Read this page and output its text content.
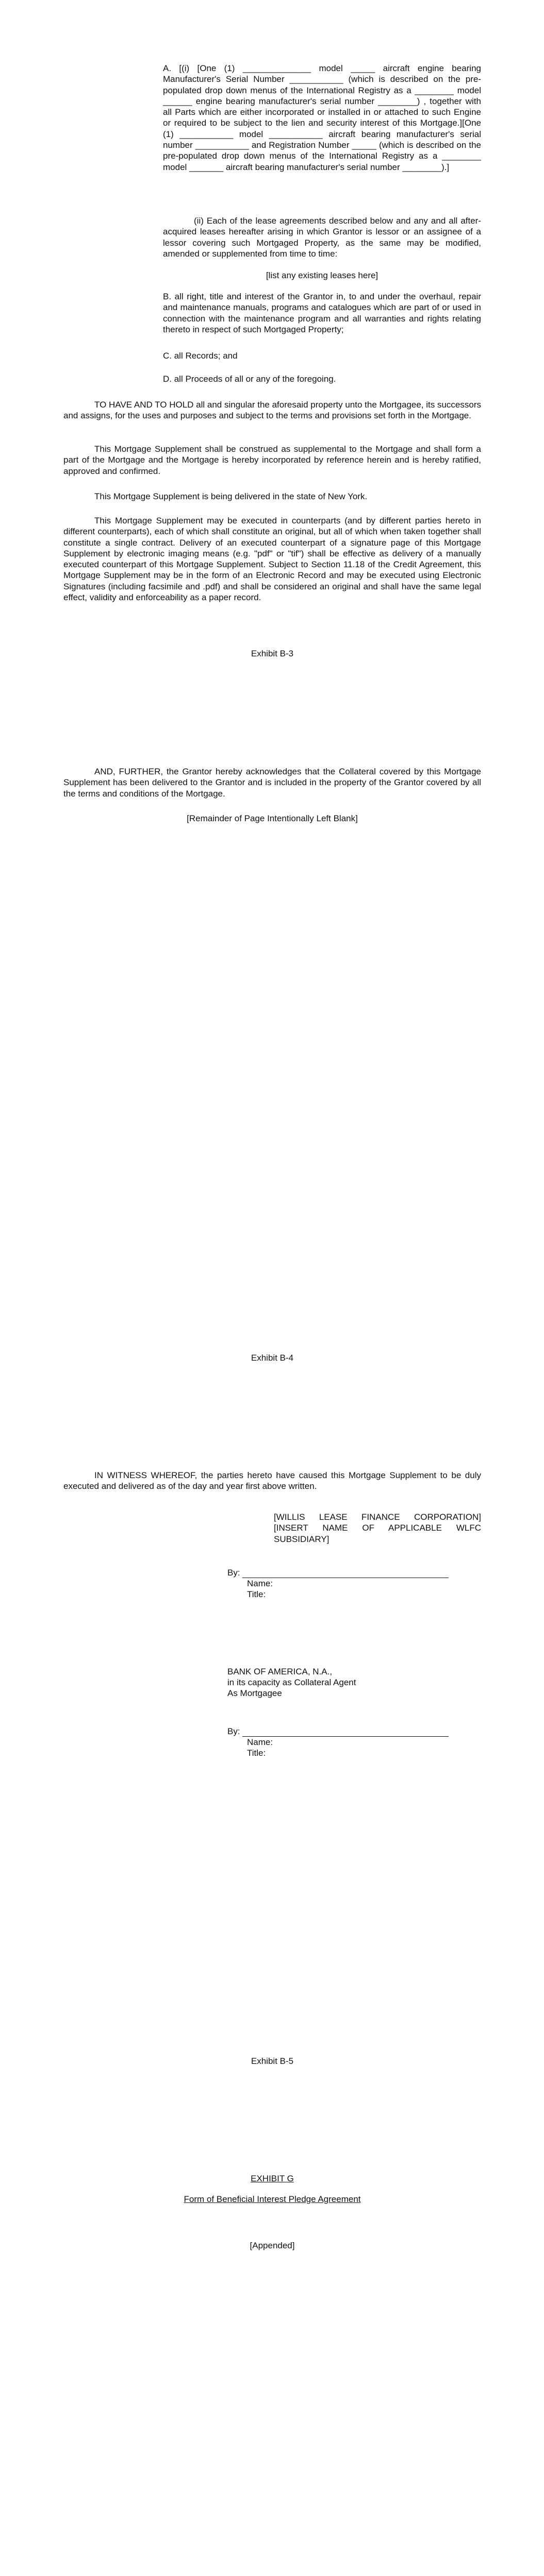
A. [(i) [One (1) ______________ model _____ aircraft engine bearing Manufacturer's Serial Number ___________ (which is described on the pre-populated drop down menus of the International Registry as a ________ model ______ engine bearing manufacturer's serial number ________) , together with all Parts which are either incorporated or installed in or attached to such Engine or required to be subject to the lien and security interest of this Mortgage.][One (1) ___________ model ___________ aircraft bearing manufacturer's serial number ___________ and Registration Number _____ (which is described on the pre-populated drop down menus of the International Registry as a ________ model _______ aircraft bearing manufacturer's serial number ________).]
(ii) Each of the lease agreements described below and any and all after-acquired leases hereafter arising in which Grantor is lessor or an assignee of a lessor covering such Mortgaged Property, as the same may be modified, amended or supplemented from time to time:
[list any existing leases here]
B. all right, title and interest of the Grantor in, to and under the overhaul, repair and maintenance manuals, programs and catalogues which are part of or used in connection with the maintenance program and all warranties and rights relating thereto in respect of such Mortgaged Property;
C. all Records; and
D. all Proceeds of all or any of the foregoing.
TO HAVE AND TO HOLD all and singular the aforesaid property unto the Mortgagee, its successors and assigns, for the uses and purposes and subject to the terms and provisions set forth in the Mortgage.
This Mortgage Supplement shall be construed as supplemental to the Mortgage and shall form a part of the Mortgage and the Mortgage is hereby incorporated by reference herein and is hereby ratified, approved and confirmed.
This Mortgage Supplement is being delivered in the state of New York.
This Mortgage Supplement may be executed in counterparts (and by different parties hereto in different counterparts), each of which shall constitute an original, but all of which when taken together shall constitute a single contract. Delivery of an executed counterpart of a signature page of this Mortgage Supplement by electronic imaging means (e.g. "pdf" or "tif") shall be effective as delivery of a manually executed counterpart of this Mortgage Supplement. Subject to Section 11.18 of the Credit Agreement, this Mortgage Supplement may be in the form of an Electronic Record and may be executed using Electronic Signatures (including facsimile and .pdf) and shall be considered an original and shall have the same legal effect, validity and enforceability as a paper record.
Exhibit B-3
AND, FURTHER, the Grantor hereby acknowledges that the Collateral covered by this Mortgage Supplement has been delivered to the Grantor and is included in the property of the Grantor covered by all the terms and conditions of the Mortgage.
[Remainder of Page Intentionally Left Blank]
Exhibit B-4
IN WITNESS WHEREOF, the parties hereto have caused this Mortgage Supplement to be duly executed and delivered as of the day and year first above written.
[WILLIS LEASE FINANCE CORPORATION] [INSERT NAME OF APPLICABLE WLFC SUBSIDIARY]
By:
Name:
Title:
BANK OF AMERICA, N.A.,
in its capacity as Collateral Agent
As Mortgagee
By:
Name:
Title:
Exhibit B-5
EXHIBIT G
Form of Beneficial Interest Pledge Agreement
[Appended]
